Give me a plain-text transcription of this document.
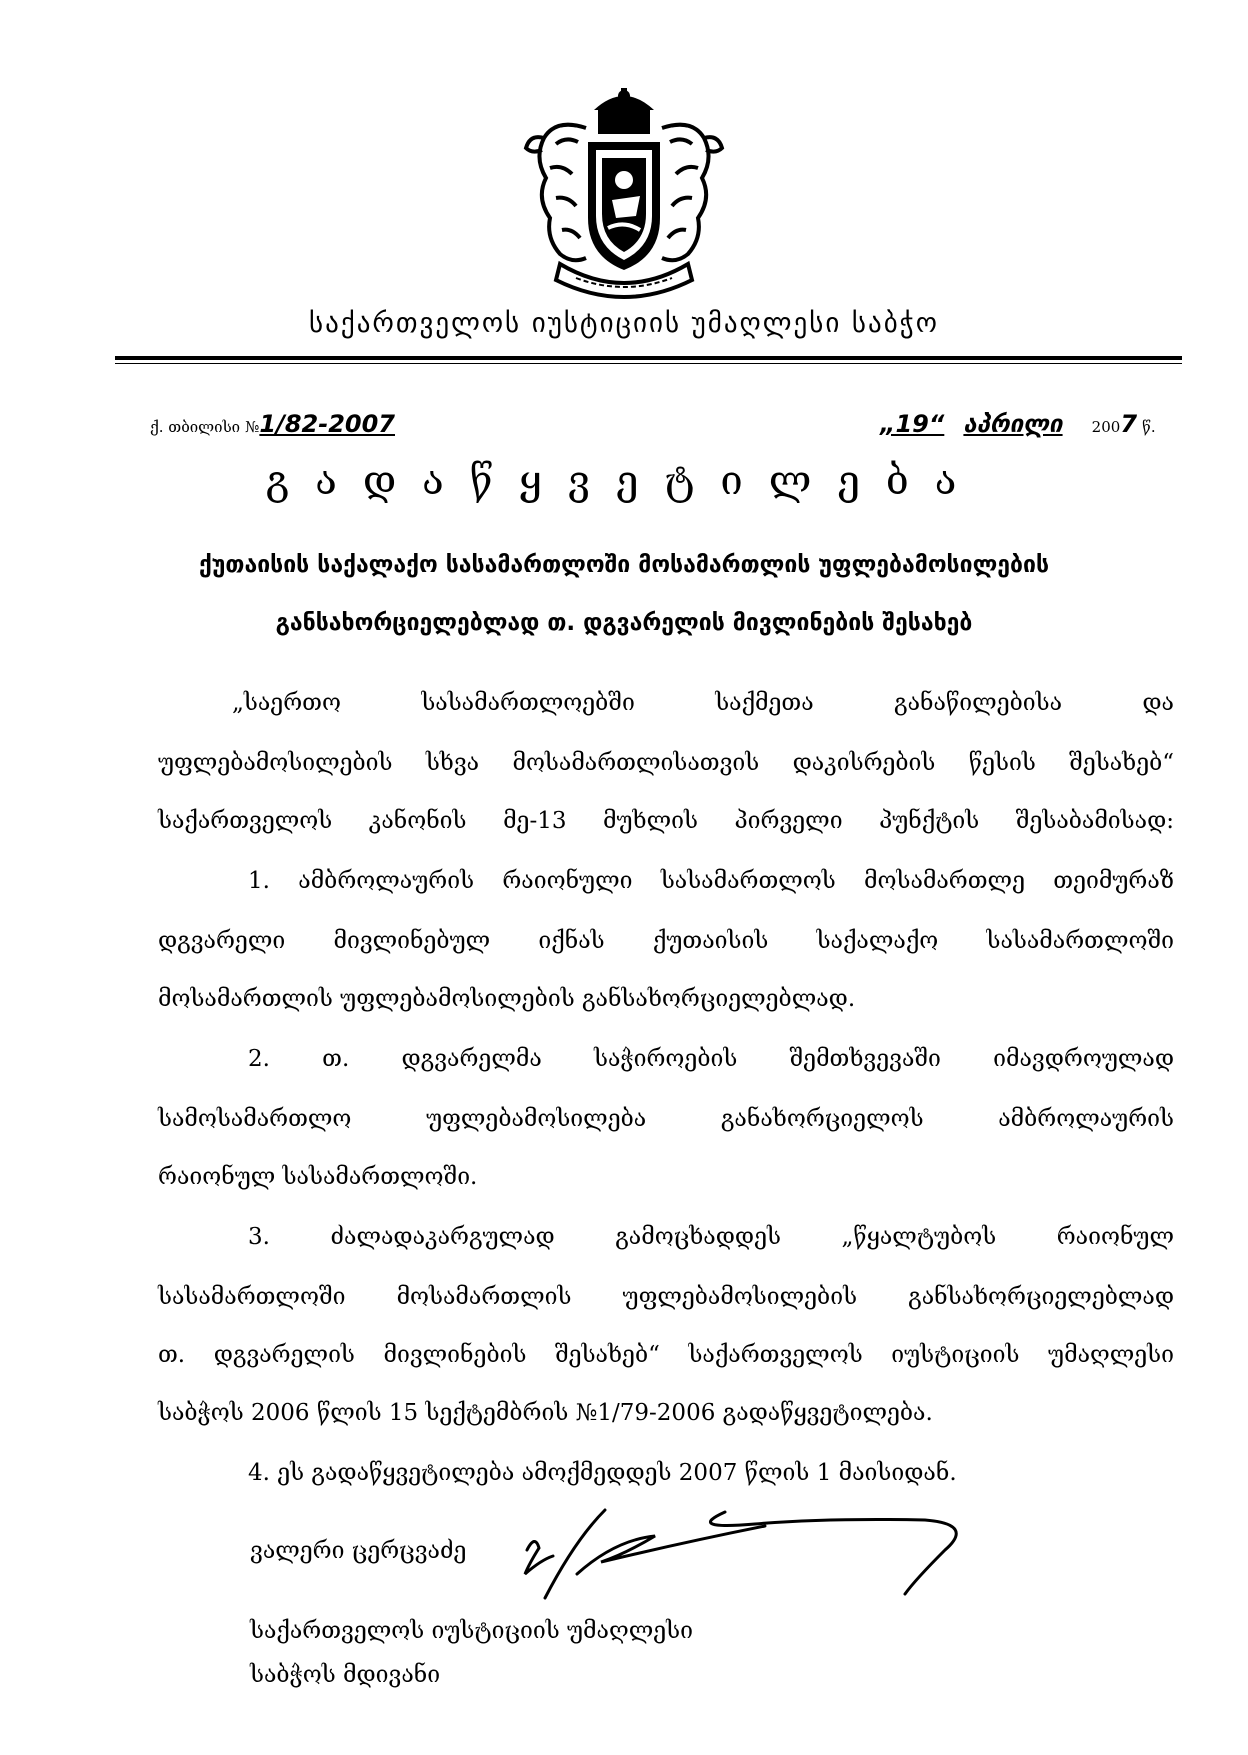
საქართველოს იუსტიციის უმაღლესი საბჭო
ქ. თბილისი №1/82-2007	„19“ აპრილი 2007 წ.
გადაწყვეტილება
ქუთაისის საქალაქო სასამართლოში მოსამართლის უფლებამოსილების
განსახორციელებლად თ. დგვარელის მივლინების შესახებ
„საერთო სასამართლოებში საქმეთა განაწილებისა და
უფლებამოსილების სხვა მოსამართლისათვის დაკისრების წესის შესახებ“
საქართველოს კანონის მე-13 მუხლის პირველი პუნქტის შესაბამისად:
1. ამბროლაურის რაიონული სასამართლოს მოსამართლე თეიმურაზ
დგვარელი მივლინებულ იქნას ქუთაისის საქალაქო სასამართლოში
მოსამართლის უფლებამოსილების განსახორციელებლად.
2. თ. დგვარელმა საჭიროების შემთხვევაში იმავდროულად
სამოსამართლო უფლებამოსილება განახორციელოს ამბროლაურის
რაიონულ სასამართლოში.
3. ძალადაკარგულად გამოცხადდეს „წყალტუბოს რაიონულ
სასამართლოში მოსამართლის უფლებამოსილების განსახორციელებლად
თ. დგვარელის მივლინების შესახებ“ საქართველოს იუსტიციის უმაღლესი
საბჭოს 2006 წლის 15 სექტემბრის №1/79-2006 გადაწყვეტილება.
4. ეს გადაწყვეტილება ამოქმედდეს 2007 წლის 1 მაისიდან.
ვალერი ცერცვაძე
საქართველოს იუსტიციის უმაღლესი
საბჭოს მდივანი
